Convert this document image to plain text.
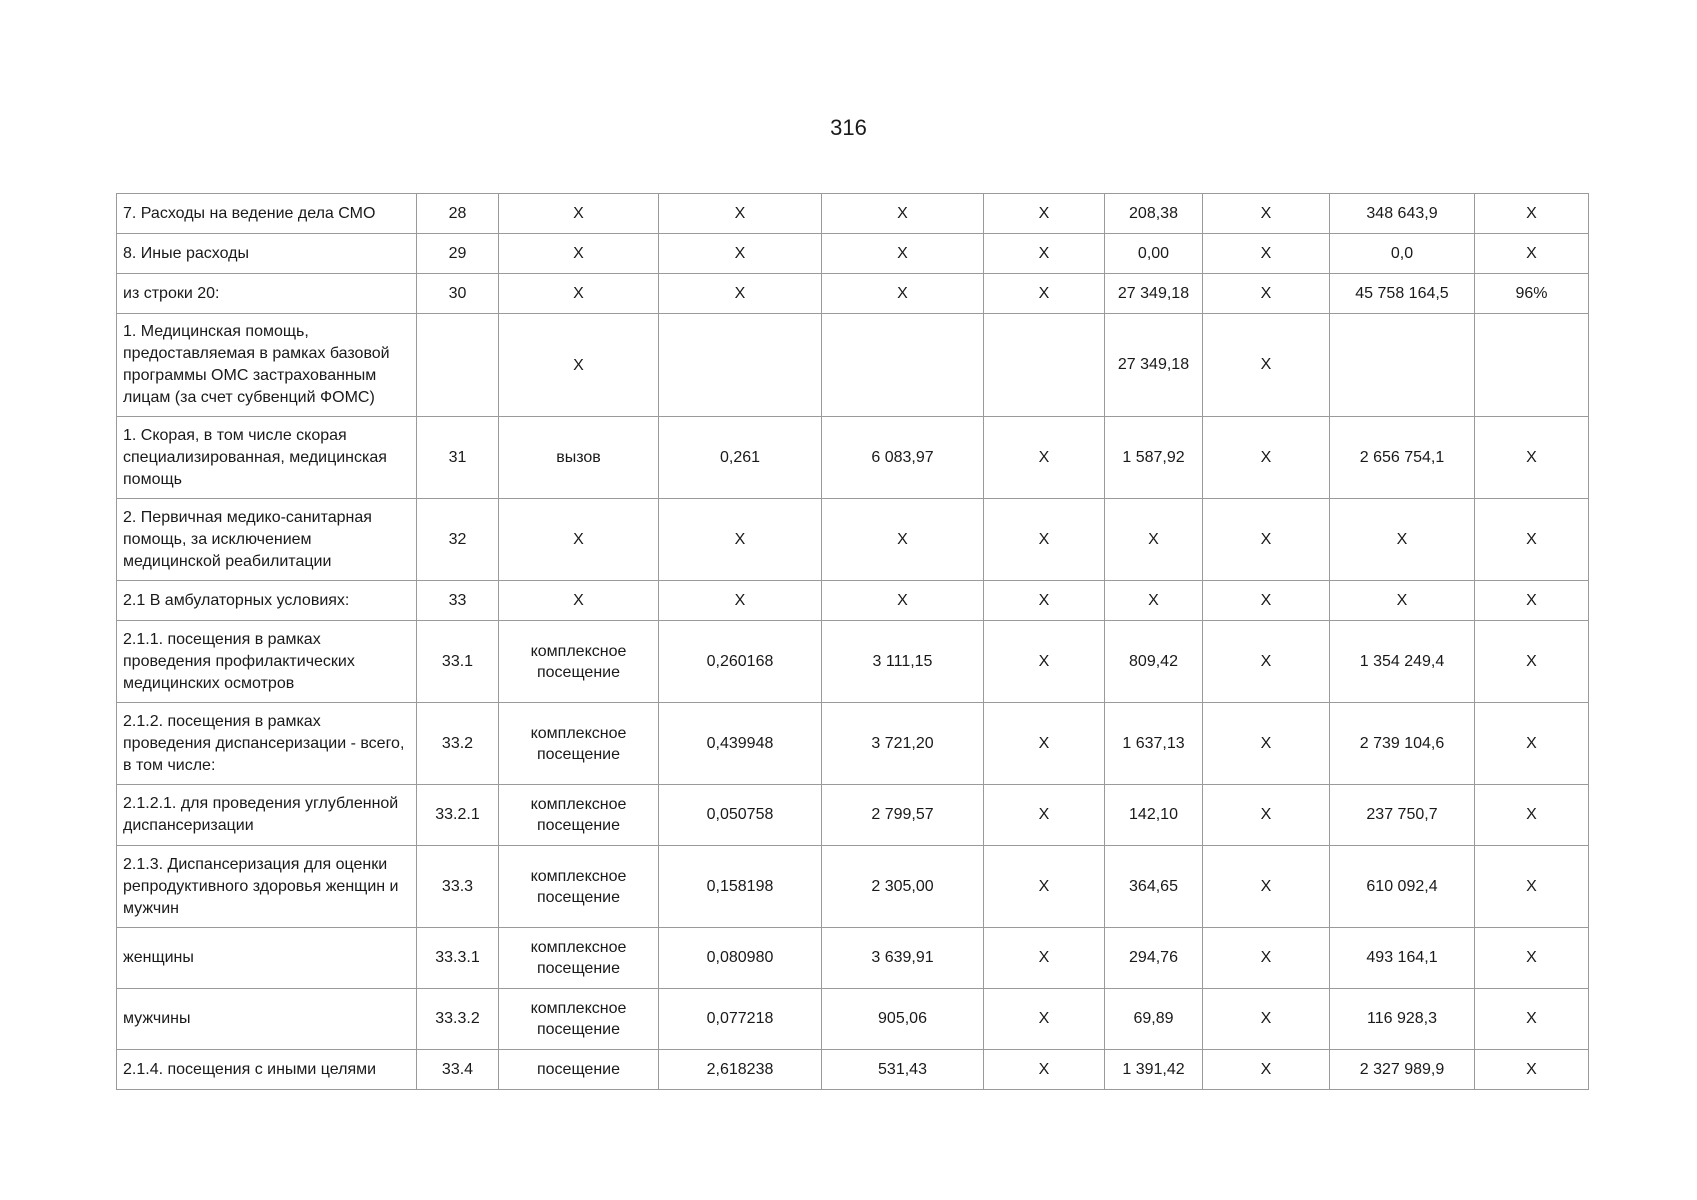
316
7. Расходы на ведение дела СМО	28	Х	Х	Х	Х	208,38	Х	348 643,9	Х
8. Иные расходы	29	Х	Х	Х	Х	0,00	Х	0,0	Х
из строки 20:	30	Х	Х	Х	Х	27 349,18	Х	45 758 164,5	96%
1. Медицинская помощь, предоставляемая в рамках базовой программы ОМС застрахованным лицам (за счет субвенций ФОМС)		Х				27 349,18	Х		
1. Скорая, в том числе скорая специализированная, медицинская помощь	31	вызов	0,261	6 083,97	Х	1 587,92	Х	2 656 754,1	Х
2. Первичная медико-санитарная помощь, за исключением медицинской реабилитации	32	Х	Х	Х	Х	Х	Х	Х	Х
2.1 В амбулаторных условиях:	33	Х	Х	Х	Х	Х	Х	Х	Х
2.1.1. посещения в рамках проведения профилактических медицинских осмотров	33.1	комплексное посещение	0,260168	3 111,15	Х	809,42	Х	1 354 249,4	Х
2.1.2. посещения в рамках проведения диспансеризации - всего, в том числе:	33.2	комплексное посещение	0,439948	3 721,20	Х	1 637,13	Х	2 739 104,6	Х
2.1.2.1. для проведения углубленной диспансеризации	33.2.1	комплексное посещение	0,050758	2 799,57	Х	142,10	Х	237 750,7	Х
2.1.3. Диспансеризация для оценки репродуктивного здоровья женщин и мужчин	33.3	комплексное посещение	0,158198	2 305,00	Х	364,65	Х	610 092,4	Х
женщины	33.3.1	комплексное посещение	0,080980	3 639,91	Х	294,76	Х	493 164,1	Х
мужчины	33.3.2	комплексное посещение	0,077218	905,06	Х	69,89	Х	116 928,3	Х
2.1.4. посещения с иными целями	33.4	посещение	2,618238	531,43	Х	1 391,42	Х	2 327 989,9	Х
